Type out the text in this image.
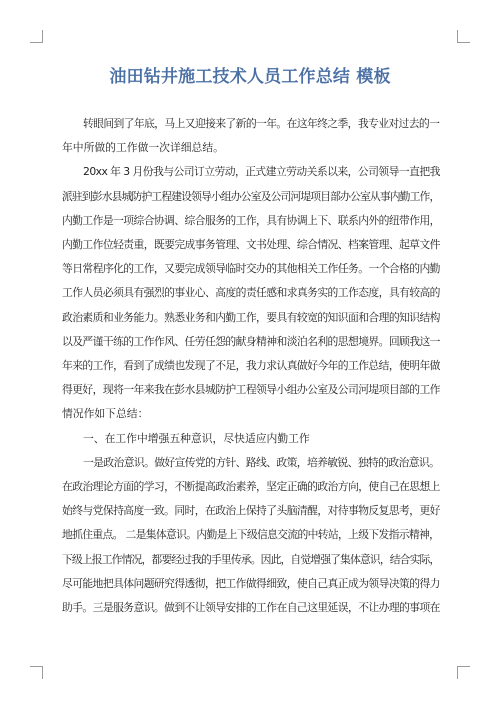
油田钻井施工技术人员工作总结 模板
转眼间到了年底，马上又迎接来了新的一年。在这年终之季，我专业对过去的一
年中所做的工作做一次详细总结。
20xx 年 3 月份我与公司订立劳动，正式建立劳动关系以来，公司领导一直把我
派驻到彭水县城防护工程建设领导小组办公室及公司河堤项目部办公室从事内勤工作，
内勤工作是一项综合协调、综合服务的工作，具有协调上下、联系内外的纽带作用，
内勤工作位轻责重，既要完成事务管理、文书处理、综合情况、档案管理、起草文件
等日常程序化的工作，又要完成领导临时交办的其他相关工作任务。一个合格的内勤
工作人员必须具有强烈的事业心、高度的责任感和求真务实的工作态度，具有较高的
政治素质和业务能力。熟悉业务和内勤工作，要具有较宽的知识面和合理的知识结构
以及严谨干练的工作作风、任劳任怨的献身精神和淡泊名利的思想境界。回顾我这一
年来的工作，看到了成绩也发现了不足，我力求认真做好今年的工作总结，使明年做
得更好，现将一年来我在彭水县城防护工程领导小组办公室及公司河堤项目部的工作
情况作如下总结：
一、在工作中增强五种意识，尽快适应内勤工作
一是政治意识。做好宣传党的方针、路线、政策，培养敏锐、独特的政治意识。
在政治理论方面的学习，不断提高政治素养，坚定正确的政治方向，使自己在思想上
始终与党保持高度一致。同时，在政治上保持了头脑清醒，对待事物反复思考，更好
地抓住重点。 二是集体意识。内勤是上下级信息交流的中转站，上级下发指示精神，
下级上报工作情况，都要经过我的手里传承。因此，自觉增强了集体意识，结合实际，
尽可能地把具体问题研究得透彻，把工作做得细致，使自己真正成为领导决策的得力
助手。三是服务意识。做到不让领导安排的工作在自己这里延误，不让办理的事项在
